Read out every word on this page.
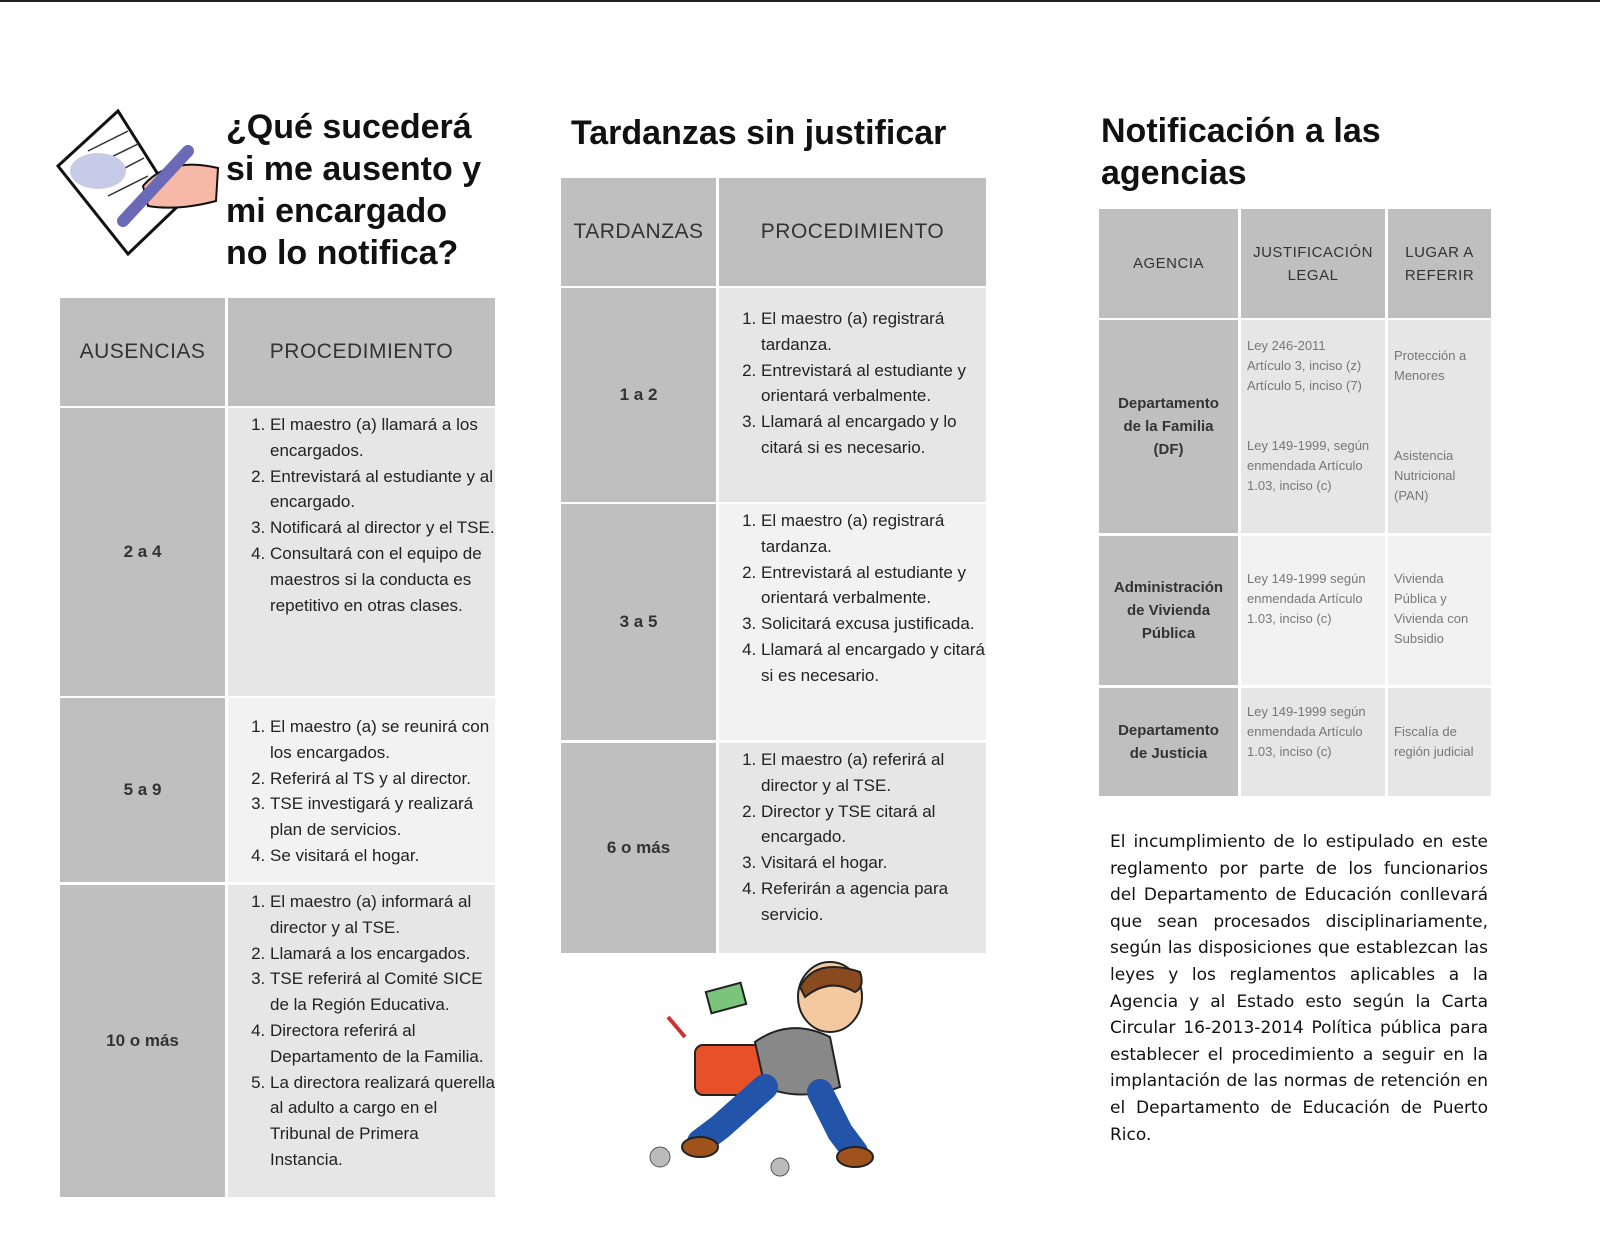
¿Qué sucederá si me ausento y mi encargado no lo notifica?
AUSENCIAS	PROCEDIMIENTO
2 a 4
1. El maestro (a) llamará a los encargados.
2. Entrevistará al estudiante y al encargado.
3. Notificará al director y el TSE.
4. Consultará con el equipo de maestros si la conducta es repetitivo en otras clases.
5 a 9
1. El maestro (a) se reunirá con los encargados.
2. Referirá al TS y al director.
3. TSE investigará y realizará plan de servicios.
4. Se visitará el hogar.
10 o más
1. El maestro (a) informará al director y al TSE.
2. Llamará a los encargados.
3. TSE referirá al Comité SICE de la Región Educativa.
4. Directora referirá al Departamento de la Familia.
5. La directora realizará querella al adulto a cargo en el Tribunal de Primera Instancia.
Tardanzas sin justificar
TARDANZAS	PROCEDIMIENTO
1 a 2
1. El maestro (a) registrará tardanza.
2. Entrevistará al estudiante y orientará verbalmente.
3. Llamará al encargado y lo citará si es necesario.
3 a 5
1. El maestro (a) registrará tardanza.
2. Entrevistará al estudiante y orientará verbalmente.
3. Solicitará excusa justificada.
4. Llamará al encargado y citará si es necesario.
6 o más
1. El maestro (a) referirá al director y al TSE.
2. Director y TSE citará al encargado.
3. Visitará el hogar.
4. Referirán a agencia para servicio.
Notificación a las agencias
AGENCIA
JUSTIFICACIÓN LEGAL
LUGAR A REFERIR
Departamento de la Familia (DF)
Ley 246-2011 Artículo 3, inciso (z) Artículo 5, inciso (7)
Ley 149-1999, según enmendada Artículo 1.03, inciso (c)
Protección a Menores
Asistencia Nutricional (PAN)
Administración de Vivienda Pública
Ley 149-1999 según enmendada Artículo 1.03, inciso (c)
Vivienda Pública y Vivienda con Subsidio
Departamento de Justicia
Ley 149-1999 según enmendada Artículo 1.03, inciso (c)
Fiscalía de región judicial
El incumplimiento de lo estipulado en este reglamento por parte de los funcionarios del Departamento de Educación conllevará que sean procesados disciplinariamente, según las disposiciones que establezcan las leyes y los reglamentos aplicables a la Agencia y al Estado esto según la Carta Circular 16-2013-2014 Política pública para establecer el procedimiento a seguir en la implantación de las normas de retención en el Departamento de Educación de Puerto Rico.
